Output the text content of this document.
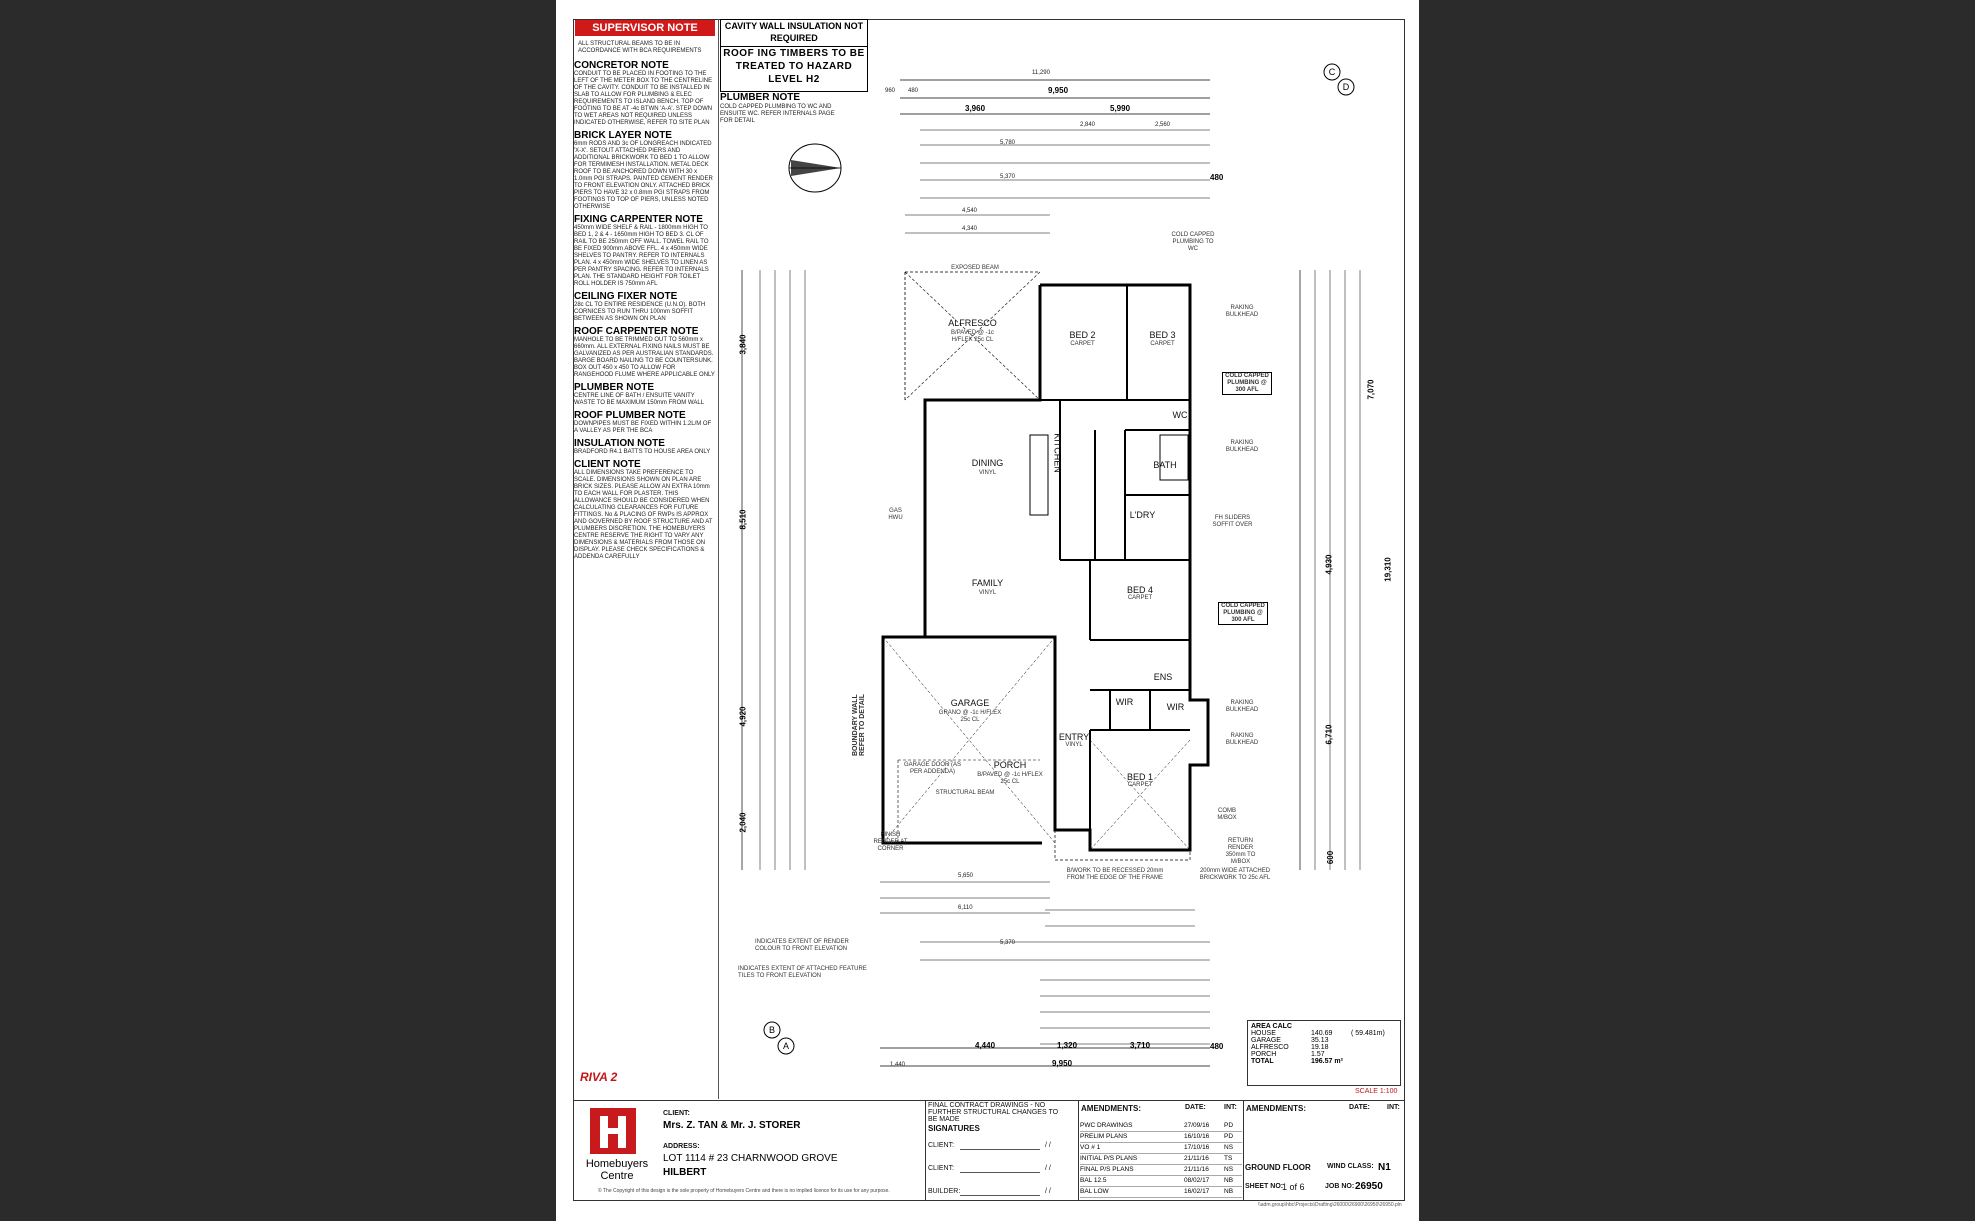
SUPERVISOR NOTE
ALL STRUCTURAL BEAMS TO BE IN ACCORDANCE WITH BCA REQUIREMENTS
CONCRETOR NOTE
CONDUIT TO BE PLACED IN FOOTING TO THE LEFT OF THE METER BOX TO THE CENTRELINE OF THE CAVITY. CONDUIT TO BE INSTALLED IN SLAB TO ALLOW FOR PLUMBING & ELEC REQUIREMENTS TO ISLAND BENCH. TOP OF FOOTING TO BE AT -4c BTWN 'A-A'. STEP DOWN TO WET AREAS NOT REQUIRED UNLESS INDICATED OTHERWISE, REFER TO SITE PLAN
BRICK LAYER NOTE
6mm RODS AND 3c OF LONGREACH INDICATED 'X-X'. SETOUT ATTACHED PIERS AND ADDITIONAL BRICKWORK TO BED 1 TO ALLOW FOR TERMIMESH INSTALLATION. METAL DECK ROOF TO BE ANCHORED DOWN WITH 30 x 1.0mm PGI STRAPS. PAINTED CEMENT RENDER TO FRONT ELEVATION ONLY. ATTACHED BRICK PIERS TO HAVE 32 x 0.8mm PGI STRAPS FROM FOOTINGS TO TOP OF PIERS, UNLESS NOTED OTHERWISE
FIXING CARPENTER NOTE
450mm WIDE SHELF & RAIL - 1800mm HIGH TO BED 1, 2 & 4 - 1650mm HIGH TO BED 3. CL OF RAIL TO BE 250mm OFF WALL. TOWEL RAIL TO BE FIXED 900mm ABOVE FFL. 4 x 450mm WIDE SHELVES TO PANTRY. REFER TO INTERNALS PLAN. 4 x 450mm WIDE SHELVES TO LINEN AS PER PANTRY SPACING. REFER TO INTERNALS PLAN. THE STANDARD HEIGHT FOR TOILET ROLL HOLDER IS 750mm AFL
CEILING FIXER NOTE
28c CL TO ENTIRE RESIDENCE (U.N.O). BOTH CORNICES TO RUN THRU 100mm SOFFIT BETWEEN AS SHOWN ON PLAN
ROOF CARPENTER NOTE
MANHOLE TO BE TRIMMED OUT TO 560mm x 660mm. ALL EXTERNAL FIXING NAILS MUST BE GALVANIZED AS PER AUSTRALIAN STANDARDS. BARGE BOARD NAILING TO BE COUNTERSUNK. BOX OUT 450 x 450 TO ALLOW FOR RANGEHOOD FLUME WHERE APPLICABLE ONLY
PLUMBER NOTE
CENTRE LINE OF BATH / ENSUITE VANITY WASTE TO BE MAXIMUM 150mm FROM WALL
ROOF PLUMBER NOTE
DOWNPIPES MUST BE FIXED WITHIN 1.2L/M OF A VALLEY AS PER THE BCA
INSULATION NOTE
BRADFORD R4.1 BATTS TO HOUSE AREA ONLY
CLIENT NOTE
ALL DIMENSIONS TAKE PREFERENCE TO SCALE. DIMENSIONS SHOWN ON PLAN ARE BRICK SIZES. PLEASE ALLOW AN EXTRA 10mm TO EACH WALL FOR PLASTER. THIS ALLOWANCE SHOULD BE CONSIDERED WHEN CALCULATING CLEARANCES FOR FUTURE FITTINGS. No & PLACING OF RWPs IS APPROX AND GOVERNED BY ROOF STRUCTURE AND AT PLUMBERS DISCRETION. THE HOMEBUYERS CENTRE RESERVE THE RIGHT TO VARY ANY DIMENSIONS & MATERIALS FROM THOSE ON DISPLAY. PLEASE CHECK SPECIFICATIONS & ADDENDA CAREFULLY
CAVITY WALL INSULATION NOT REQUIRED
ROOF ING TIMBERS TO BE TREATED TO HAZARD LEVEL H2
PLUMBER NOTE
COLD CAPPED PLUMBING TO WC AND ENSUITE WC. REFER INTERNALS PAGE FOR DETAIL
ALFRESCO
B/PAVED @ -1c H/FLEX 25c CL	BED 2
CARPET
BED 3
CARPET
DINING
VINYL
KITCHEN
FAMILY
VINYL
BATH
WC
L'DRY
BED 4
CARPET
GARAGE
GRANO @ -1c H/FLEX 25c CL
ENS
WIR	WIR
ENTRY
VINYL
PORCH
B/PAVED @ -1c H/FLEX 25c CL	BED 1
CARPET
BOUNDARY WALL REFER TO DETAIL
GARAGE DOOR (AS PER ADDENDA)
STRUCTURAL BEAM
EXPOSED BEAM
GAS HWU
COLD CAPPED PLUMBING @ 300 AFL
COLD CAPPED PLUMBING @ 300 AFL
RAKING BULKHEAD
RAKING BULKHEAD
RAKING BULKHEAD
RAKING BULKHEAD
FH SLIDERS SOFFIT OVER
FINISH RENDER AT CORNER
RETURN RENDER 350mm TO M/BOX
B/WORK TO BE RECESSED 20mm FROM THE EDGE OF THE FRAME
200mm WIDE ATTACHED BRICKWORK TO 25c AFL
COMB M/BOX
COLD CAPPED PLUMBING TO WC
INDICATES EXTENT OF RENDER COLOUR TO FRONT ELEVATION
INDICATES EXTENT OF ATTACHED FEATURE TILES TO FRONT ELEVATION
RIVA 2
SCALE 1:100
11,290
9,950
960 480
3,960	5,990
5,780
2,840	2,560
5,370
4,540
4,340
3,840
8,510
4,920
2,040
7,070
19,310
4,930
6,710
600
480
5,650
6,110
5,370
4,440	1,320	3,710
9,950
1,440
480
C
D
B
A
AREA CALC
HOUSE	140.69	( 59.481m)
GARAGE	35.13
ALFRESCO	19.18
PORCH	1.57
TOTAL	196.57 m²
Homebuyers Centre
CLIENT:
Mrs. Z. TAN & Mr. J. STORER
ADDRESS:
LOT 1114 # 23 CHARNWOOD GROVE
HILBERT
© The Copyright of this design is the sole property of Homebuyers Centre and there is no implied licence for its use for any purpose.
FINAL CONTRACT DRAWINGS - NO FURTHER STRUCTURAL CHANGES TO BE MADE
SIGNATURES
CLIENT:
CLIENT:
BUILDER:
/ /
/ /
/ /
AMENDMENTS:	DATE:	INT:
PWC DRAWINGS	27/09/16	PD
PRELIM PLANS	16/10/16	PD
VO # 1	17/10/16	NS
INITIAL P/S PLANS	21/11/16	TS
FINAL P/S PLANS	21/11/16	NS
BAL 12.5	08/02/17	NB
BAL LOW	16/02/17	NB
AMENDMENTS:	DATE: INT:
GROUND FLOOR WIND CLASS: N1
SHEET NO:
1 of 6	JOB NO: 26950
\\adm.group\hbc\Projects\Drafting\26000\26900\26950\26950.pln
